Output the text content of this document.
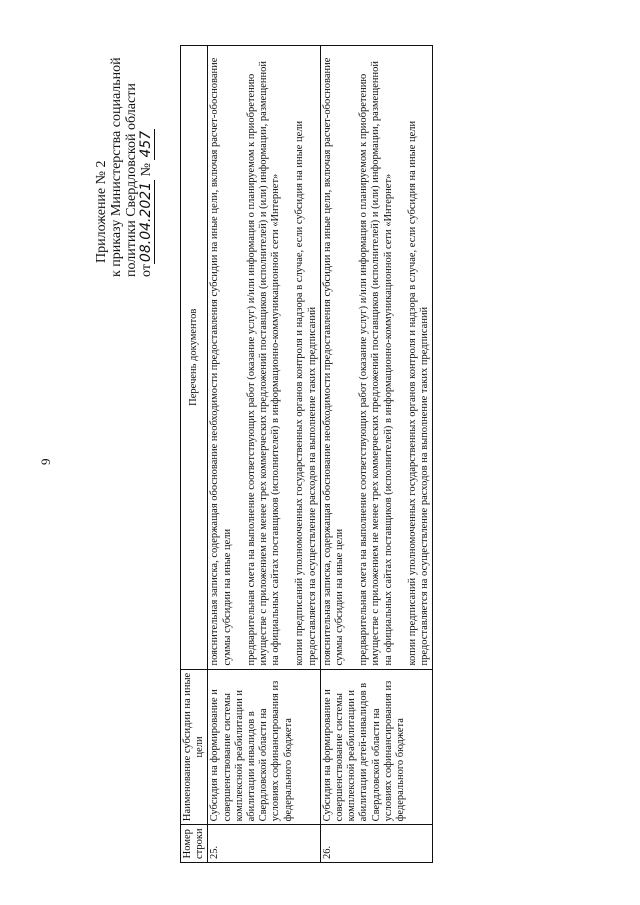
9
Приложение № 2 к приказу Министерства социальной политики Свердловской области от08.04.2021 № 457
Номер строки	Наименование субсидии на иные цели	Перечень документов
25.	Субсидия на формирование и совершенствование системы комплексной реабилитации и абилитации инвалидов в Свердловской области на условиях софинансирования из федерального бюджета	пояснительная записка, содержащая обоснование необходимости предоставления субсидии на иные цели, включая расчет-обоснование суммы субсидии на иные цели предварительная смета на выполнение соответствующих работ (оказание услуг) и/или информация о планируемом к приобретению имуществе с приложением не менее трех коммерческих предложений поставщиков (исполнителей) и (или) информации, размещенной на официальных сайтах поставщиков (исполнителей) в информационно-коммуникационной сети «Интернет» копии предписаний уполномоченных государственных органов контроля и надзора в случае, если субсидия на иные цели предоставляется на осуществление расходов на выполнение таких предписаний

26.	Субсидия на формирование и совершенствование системы комплексной реабилитации и абилитации детей-инвалидов в Свердловской области на условиях софинансирования из федерального бюджета	пояснительная записка, содержащая обоснование необходимости предоставления субсидии на иные цели, включая расчет-обоснование суммы субсидии на иные цели предварительная смета на выполнение соответствующих работ (оказание услуг) и/или информация о планируемом к приобретению имуществе с приложением не менее трех коммерческих предложений поставщиков (исполнителей) и (или) информации, размещенной на официальных сайтах поставщиков (исполнителей) в информационно-коммуникационной сети «Интернет» копии предписаний уполномоченных государственных органов контроля и надзора в случае, если субсидия на иные цели предоставляется на осуществление расходов на выполнение таких предписаний
